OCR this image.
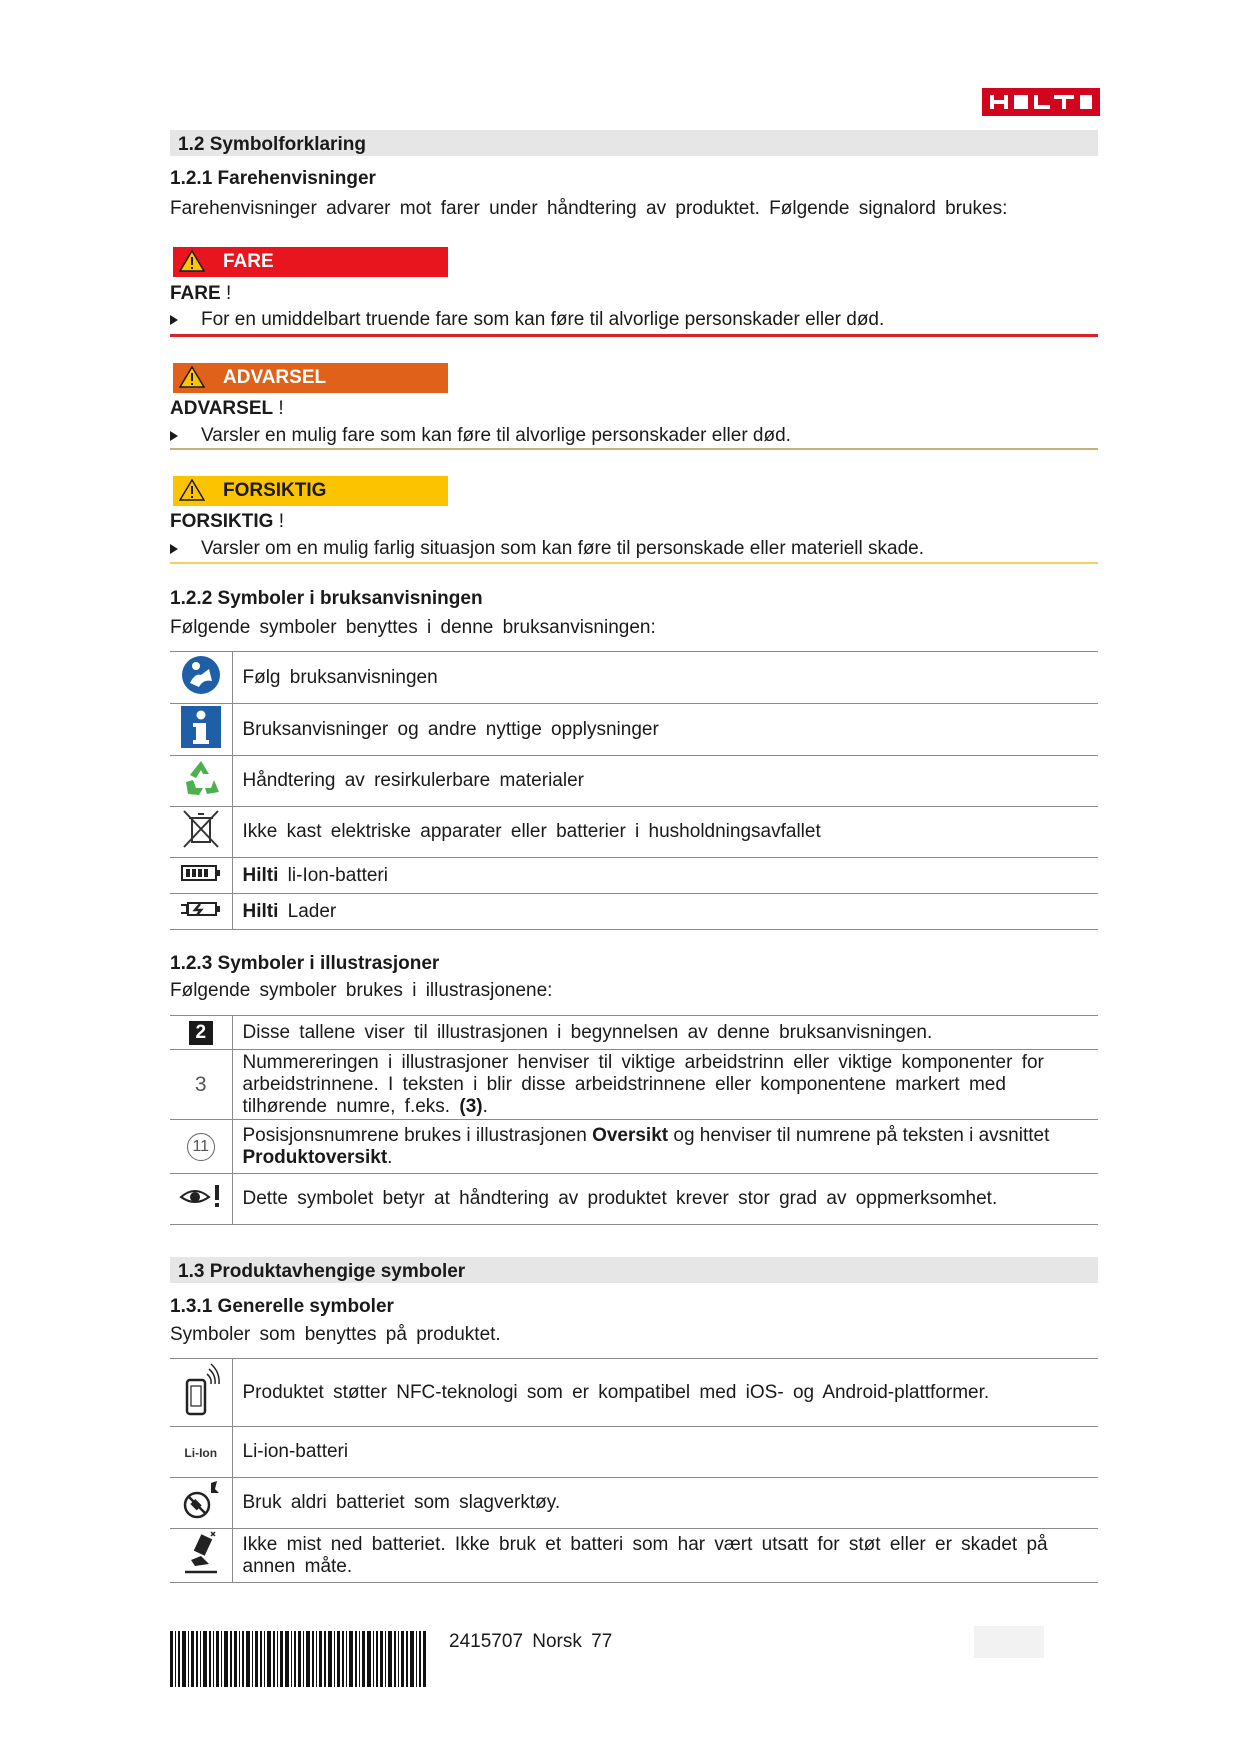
1.2 Symbolforklaring
1.2.1 Farehenvisninger
Farehenvisninger advarer mot farer under håndtering av produktet. Følgende signalord brukes:
FARE
FARE !
For en umiddelbart truende fare som kan føre til alvorlige personskader eller død.
ADVARSEL
ADVARSEL !
Varsler en mulig fare som kan føre til alvorlige personskader eller død.
FORSIKTIG
FORSIKTIG !
Varsler om en mulig farlig situasjon som kan føre til personskade eller materiell skade.
1.2.2 Symboler i bruksanvisningen
Følgende symboler benyttes i denne bruksanvisningen:
	Følg bruksanvisningen
	Bruksanvisninger og andre nyttige opplysninger
	Håndtering av resirkulerbare materialer
	Ikke kast elektriske apparater eller batterier i husholdningsavfallet
	Hilti li-Ion-batteri
	Hilti Lader
1.2.3 Symboler i illustrasjoner
Følgende symboler brukes i illustrasjonene:
2	Disse tallene viser til illustrasjonen i begynnelsen av denne bruksanvisningen.
3	Nummereringen i illustrasjoner henviser til viktige arbeidstrinn eller viktige komponenter for arbeidstrinnene. I teksten i blir disse arbeidstrinnene eller komponentene markert med tilhørende numre, f.eks. (3).
11	Posisjonsnumrene brukes i illustrasjonen Oversikt og henviser til numrene på teksten i avsnittet Produktoversikt.
	Dette symbolet betyr at håndtering av produktet krever stor grad av oppmerksomhet.
1.3 Produktavhengige symboler
1.3.1 Generelle symboler
Symboler som benyttes på produktet.
	Produktet støtter NFC-teknologi som er kompatibel med iOS- og Android-plattformer.
Li-Ion	Li-ion-batteri
	Bruk aldri batteriet som slagverktøy.
	Ikke mist ned batteriet. Ikke bruk et batteri som har vært utsatt for støt eller er skadet på annen måte.
2415707 Norsk 77
